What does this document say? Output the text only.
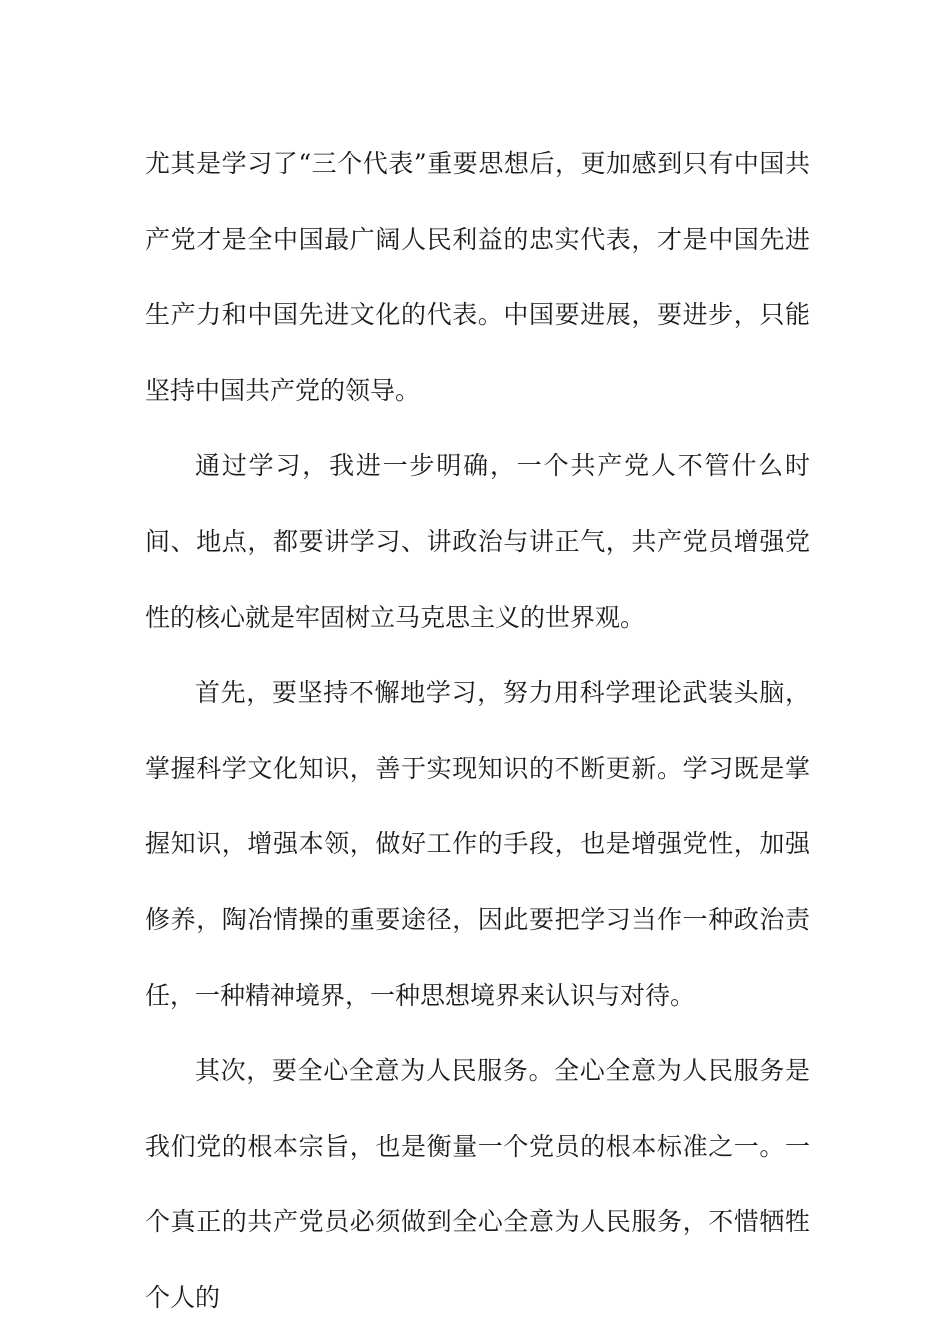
尤其是学习了“三个代表”重要思想后，更加感到只有中国共产党才是全中国最广阔人民利益的忠实代表，才是中国先进生产力和中国先进文化的代表。中国要进展，要进步，只能坚持中国共产党的领导。

通过学习，我进一步明确，一个共产党人不管什么时间、地点，都要讲学习、讲政治与讲正气，共产党员增强党性的核心就是牢固树立马克思主义的世界观。

首先，要坚持不懈地学习，努力用科学理论武装头脑，掌握科学文化知识，善于实现知识的不断更新。学习既是掌握知识，增强本领，做好工作的手段，也是增强党性，加强修养，陶冶情操的重要途径，因此要把学习当作一种政治责任，一种精神境界，一种思想境界来认识与对待。

其次，要全心全意为人民服务。全心全意为人民服务是我们党的根本宗旨，也是衡量一个党员的根本标准之一。一个真正的共产党员必须做到全心全意为人民服务，不惜牺牲个人的
